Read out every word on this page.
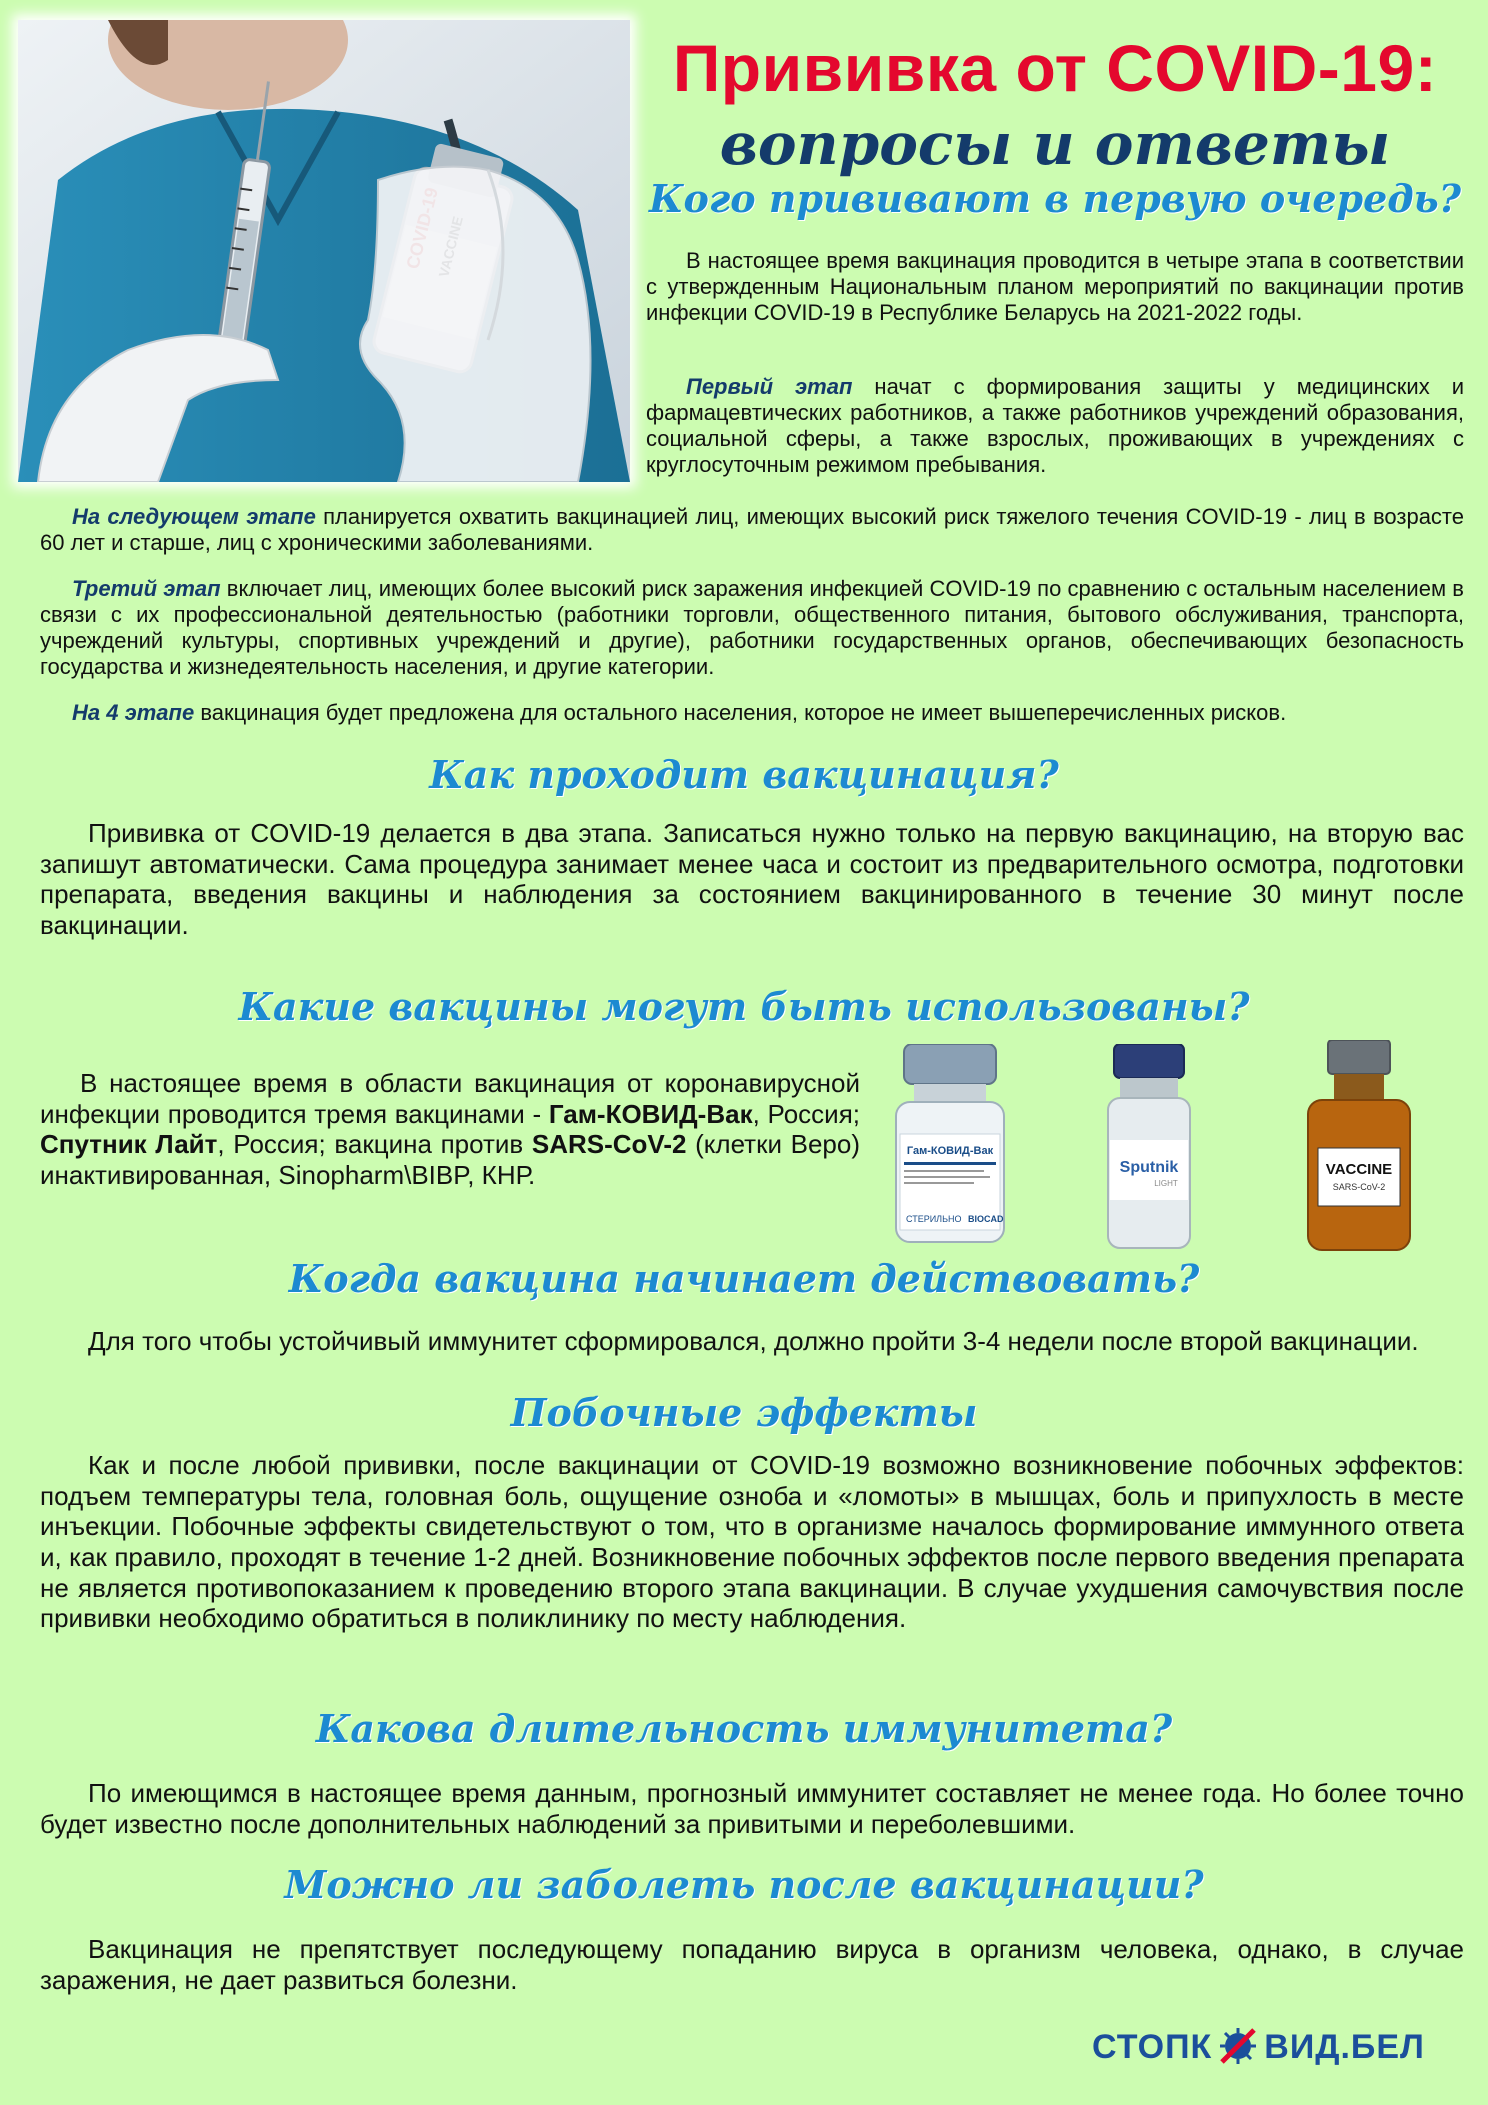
Прививка от COVID-19:
вопросы и ответы
Кого прививают в первую очередь?
В настоящее время вакцинация проводится в четыре этапа в соответствии с утвержденным Национальным планом мероприятий по вакцинации против инфекции COVID-19 в Республике Беларусь на 2021-2022 годы.
Первый этап начат с формирования защиты у медицинских и фармацевтических работников, а также работников учреждений образования, социальной сферы, а также взрослых, проживающих в учреждениях с круглосуточным режимом пребывания.
На следующем этапе планируется охватить вакцинацией лиц, имеющих высокий риск тяжелого течения COVID-19 - лиц в возрасте 60 лет и старше, лиц с хроническими заболеваниями.
Третий этап включает лиц, имеющих более высокий риск заражения инфекцией COVID-19 по сравнению с остальным населением в связи с их профессиональной деятельностью (работники торговли, общественного питания, бытового обслуживания, транспорта, учреждений культуры, спортивных учреждений и другие), работники государственных органов, обеспечивающих безопасность государства и жизнедеятельность населения, и другие категории.
На 4 этапе вакцинация будет предложена для остального населения, которое не имеет вышеперечисленных рисков.
Как проходит вакцинация?
Прививка от COVID-19 делается в два этапа. Записаться нужно только на первую вакцинацию, на вторую вас запишут автоматически. Сама процедура занимает менее часа и состоит из предварительного осмотра, подготовки препарата, введения вакцины и наблюдения за состоянием вакцинированного в течение 30 минут после вакцинации.
Какие вакцины могут быть использованы?
В настоящее время в области вакцинация от коронавирусной инфекции проводится тремя вакцинами - Гам-КОВИД-Вак, Россия; Спутник Лайт, Россия; вакцина против SARS-CoV-2 (клетки Веро) инактивированная, Sinopharm\BIBP, КНР.
Гам-КОВИД-Вак
СТЕРИЛЬНО BIOCAD
Sputnik
LIGHT
VACCINE
SARS-CoV-2
Когда вакцина начинает действовать?
Для того чтобы устойчивый иммунитет сформировался, должно пройти 3-4 недели после второй вакцинации.
Побочные эффекты
Как и после любой прививки, после вакцинации от COVID-19 возможно возникновение побочных эффектов: подъем температуры тела, головная боль, ощущение озноба и «ломоты» в мышцах, боль и припухлость в месте инъекции. Побочные эффекты свидетельствуют о том, что в организме началось формирование иммунного ответа и, как правило, проходят в течение 1-2 дней. Возникновение побочных эффектов после первого введения препарата не является противопоказанием к проведению второго этапа вакцинации. В случае ухудшения самочувствия после прививки необходимо обратиться в поликлинику по месту наблюдения.
Какова длительность иммунитета?
По имеющимся в настоящее время данным, прогнозный иммунитет составляет не менее года. Но более точно будет известно после дополнительных наблюдений за привитыми и переболевшими.
Можно ли заболеть после вакцинации?
Вакцинация не препятствует последующему попаданию вируса в организм человека, однако, в случае заражения, не дает развиться болезни.
СТОПК ВИД.БЕЛ
